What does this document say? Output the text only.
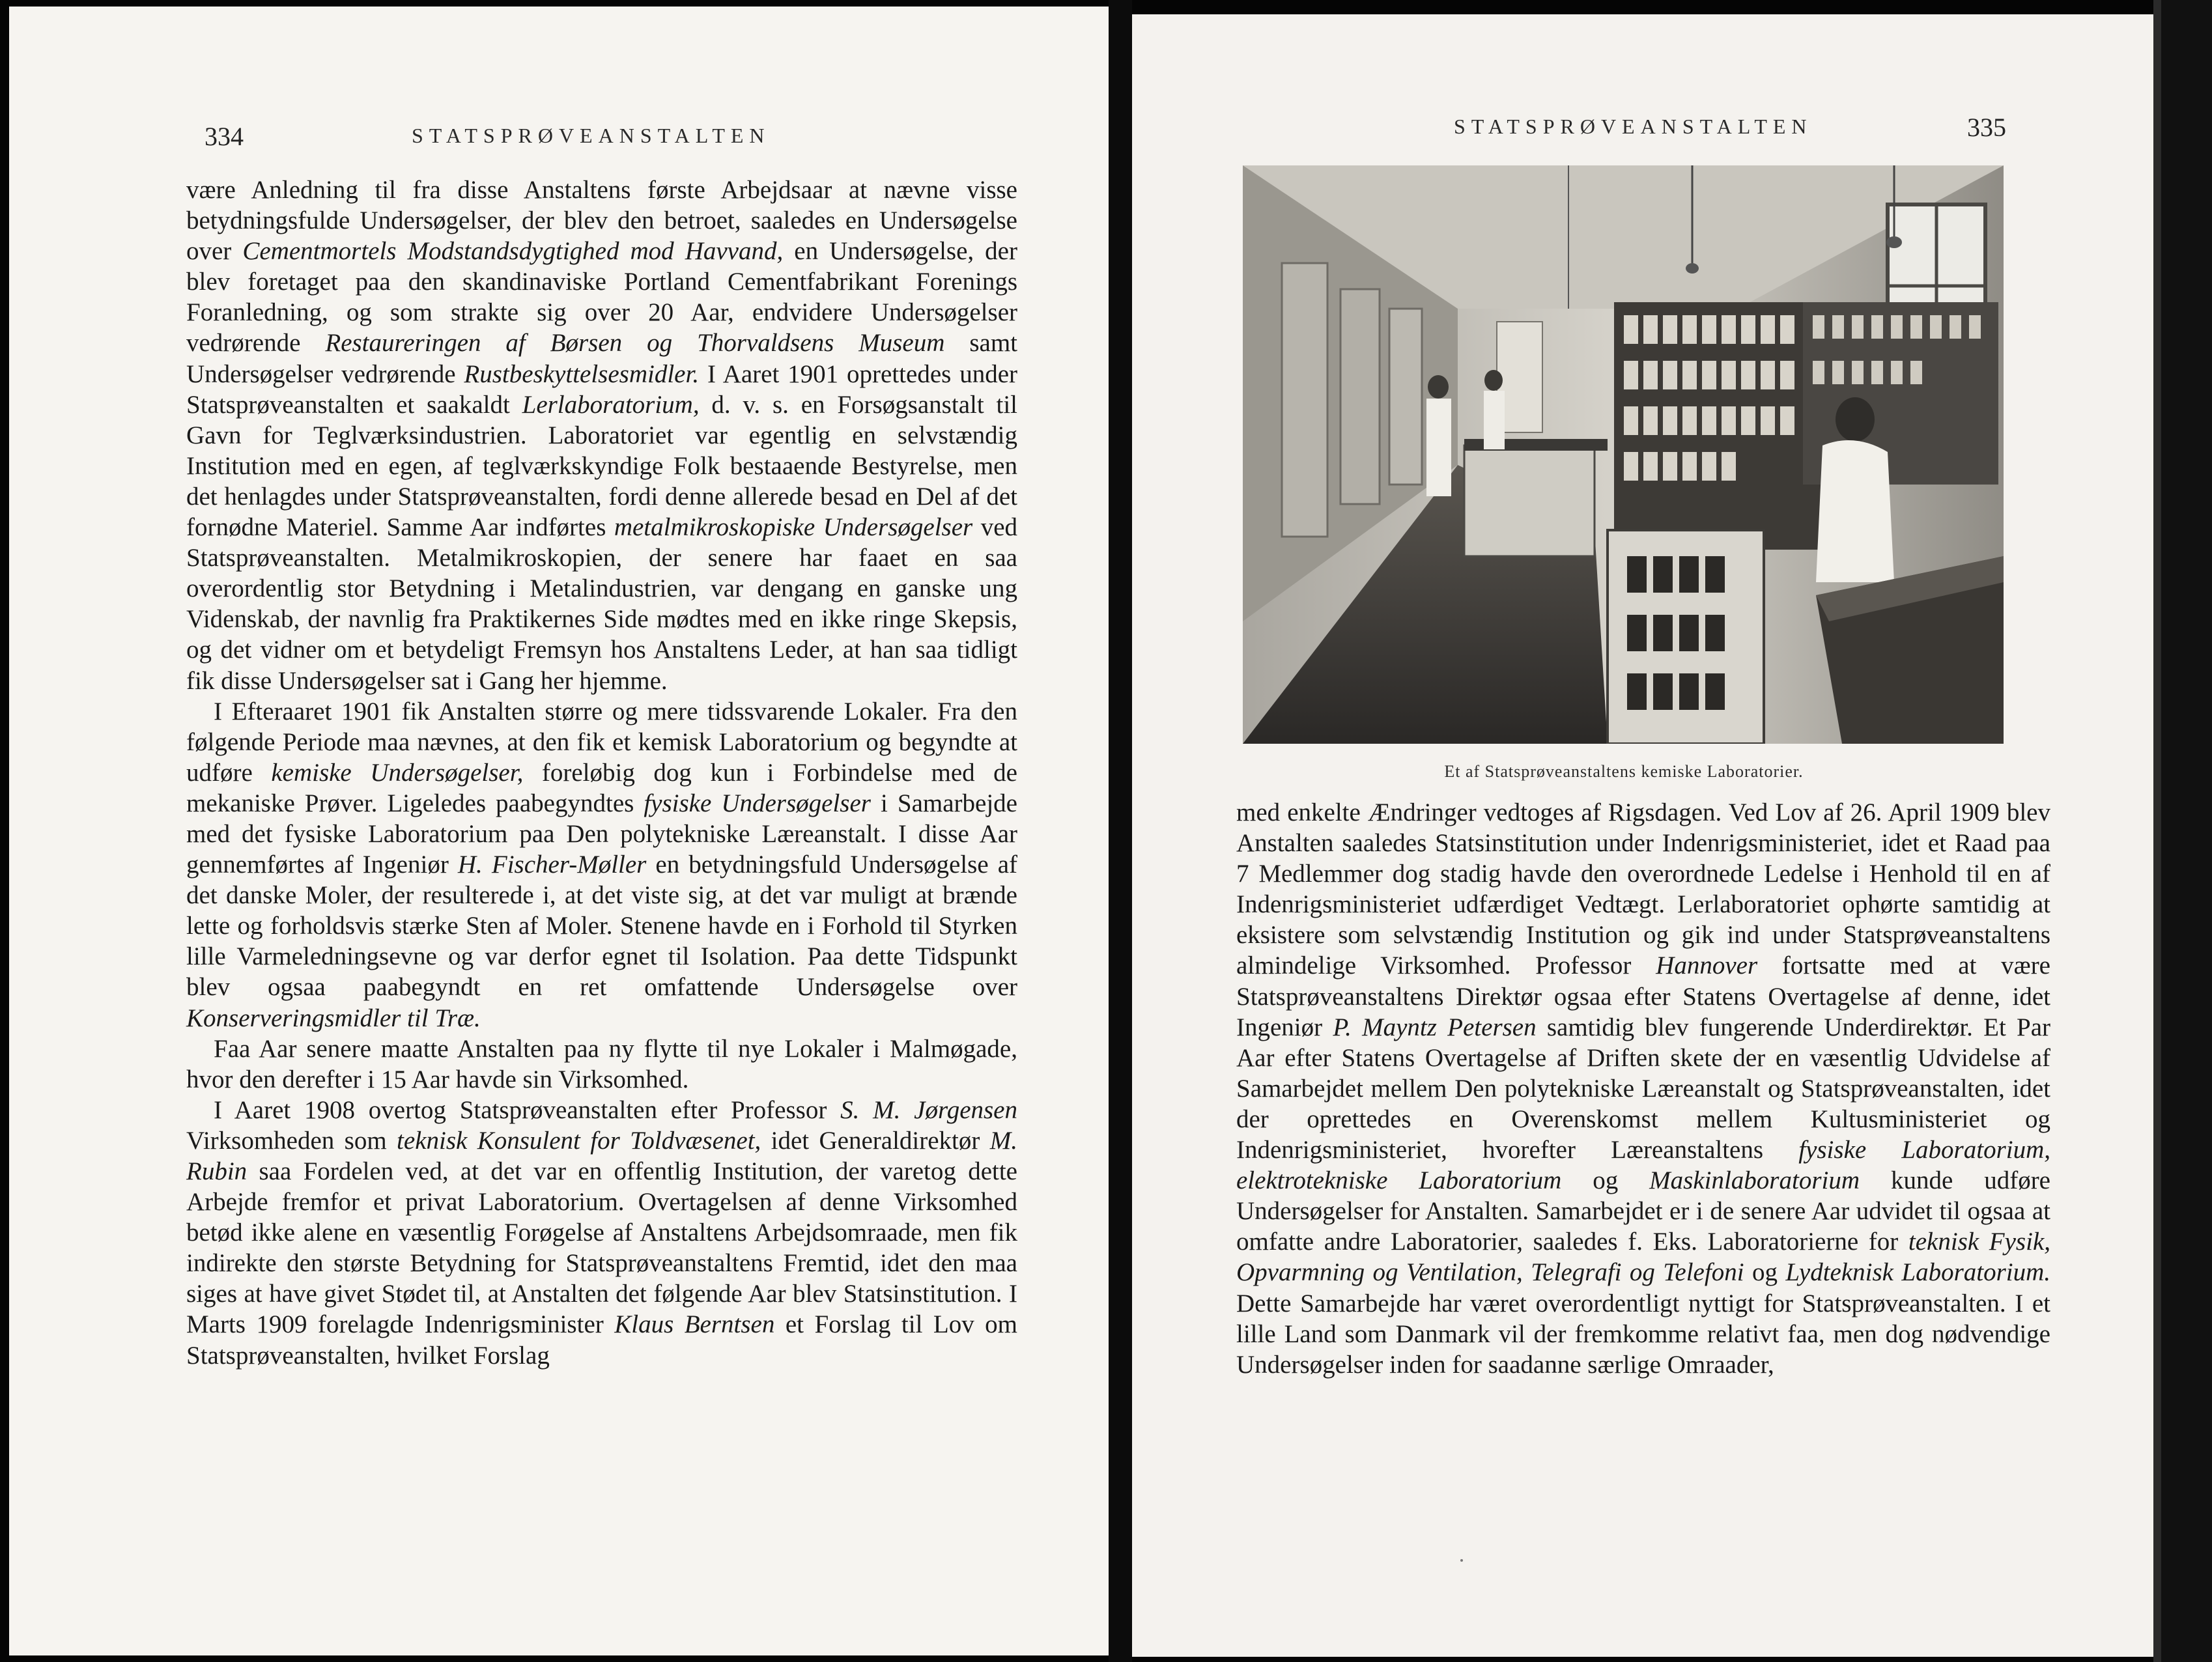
334	STATSPRØVEANSTALTEN

være Anledning til fra disse Anstaltens første Arbejdsaar at nævne visse betydningsfulde Undersøgelser, der blev den betroet, saaledes en Undersøgelse over Cementmortels Modstandsdygtighed mod Havvand, en Undersøgelse, der blev foretaget paa den skandinaviske Portland Cementfabrikant Forenings Foranledning, og som strakte sig over 20 Aar, endvidere Undersøgelser vedrørende Restaureringen af Børsen og Thorvaldsens Museum samt Undersøgelser vedrørende Rustbeskyttelsesmidler. I Aaret 1901 oprettedes under Statsprøveanstalten et saakaldt Lerlaboratorium, d. v. s. en Forsøgsanstalt til Gavn for Teglværksindustrien. Laboratoriet var egentlig en selvstændig Institution med en egen, af teglværkskyndige Folk bestaaende Bestyrelse, men det henlagdes under Statsprøveanstalten, fordi denne allerede besad en Del af det fornødne Materiel. Samme Aar indførtes metalmikroskopiske Undersøgelser ved Statsprøveanstalten. Metalmikroskopien, der senere har faaet en saa overordentlig stor Betydning i Metalindustrien, var dengang en ganske ung Videnskab, der navnlig fra Praktikernes Side mødtes med en ikke ringe Skepsis, og det vidner om et betydeligt Fremsyn hos Anstaltens Leder, at han saa tidligt fik disse Undersøgelser sat i Gang her hjemme.

I Efteraaret 1901 fik Anstalten større og mere tidssvarende Lokaler. Fra den følgende Periode maa nævnes, at den fik et kemisk Laboratorium og begyndte at udføre kemiske Undersøgelser, foreløbig dog kun i Forbindelse med de mekaniske Prøver. Ligeledes paabegyndtes fysiske Undersøgelser i Samarbejde med det fysiske Laboratorium paa Den polytekniske Læreanstalt. I disse Aar gennemførtes af Ingeniør H. Fischer-Møller en betydningsfuld Undersøgelse af det danske Moler, der resulterede i, at det viste sig, at det var muligt at brænde lette og forholdsvis stærke Sten af Moler. Stenene havde en i Forhold til Styrken lille Varmeledningsevne og var derfor egnet til Isolation. Paa dette Tidspunkt blev ogsaa paabegyndt en ret omfattende Undersøgelse over Konserveringsmidler til Træ.

Faa Aar senere maatte Anstalten paa ny flytte til nye Lokaler i Malmøgade, hvor den derefter i 15 Aar havde sin Virksomhed.

I Aaret 1908 overtog Statsprøveanstalten efter Professor S. M. Jørgensen Virksomheden som teknisk Konsulent for Toldvæsenet, idet Generaldirektør M. Rubin saa Fordelen ved, at det var en offentlig Institution, der varetog dette Arbejde fremfor et privat Laboratorium. Overtagelsen af denne Virksomhed betød ikke alene en væsentlig Forøgelse af Anstaltens Arbejdsomraade, men fik indirekte den største Betydning for Statsprøveanstaltens Fremtid, idet den maa siges at have givet Stødet til, at Anstalten det følgende Aar blev Statsinstitution. I Marts 1909 forelagde Indenrigsminister Klaus Berntsen et Forslag til Lov om Statsprøveanstalten, hvilket Forslag

STATSPRØVEANSTALTEN	335
Et af Statsprøveanstaltens kemiske Laboratorier.

med enkelte Ændringer vedtoges af Rigsdagen. Ved Lov af 26. April 1909 blev Anstalten saaledes Statsinstitution under Indenrigsministeriet, idet et Raad paa 7 Medlemmer dog stadig havde den overordnede Ledelse i Henhold til en af Indenrigsministeriet udfærdiget Vedtægt. Lerlaboratoriet ophørte samtidig at eksistere som selvstændig Institution og gik ind under Statsprøveanstaltens almindelige Virksomhed. Professor Hannover fortsatte med at være Statsprøveanstaltens Direktør ogsaa efter Statens Overtagelse af denne, idet Ingeniør P. Mayntz Petersen samtidig blev fungerende Underdirektør. Et Par Aar efter Statens Overtagelse af Driften skete der en væsentlig Udvidelse af Samarbejdet mellem Den polytekniske Læreanstalt og Statsprøveanstalten, idet der oprettedes en Overenskomst mellem Kultusministeriet og Indenrigsministeriet, hvorefter Læreanstaltens fysiske Laboratorium, elektrotekniske Laboratorium og Maskinlaboratorium kunde udføre Undersøgelser for Anstalten. Samarbejdet er i de senere Aar udvidet til ogsaa at omfatte andre Laboratorier, saaledes f. Eks. Laboratorierne for teknisk Fysik, Opvarmning og Ventilation, Telegrafi og Telefoni og Lydteknisk Laboratorium. Dette Samarbejde har været overordentligt nyttigt for Statsprøveanstalten. I et lille Land som Danmark vil der fremkomme relativt faa, men dog nødvendige Undersøgelser inden for saadanne særlige Omraader,
